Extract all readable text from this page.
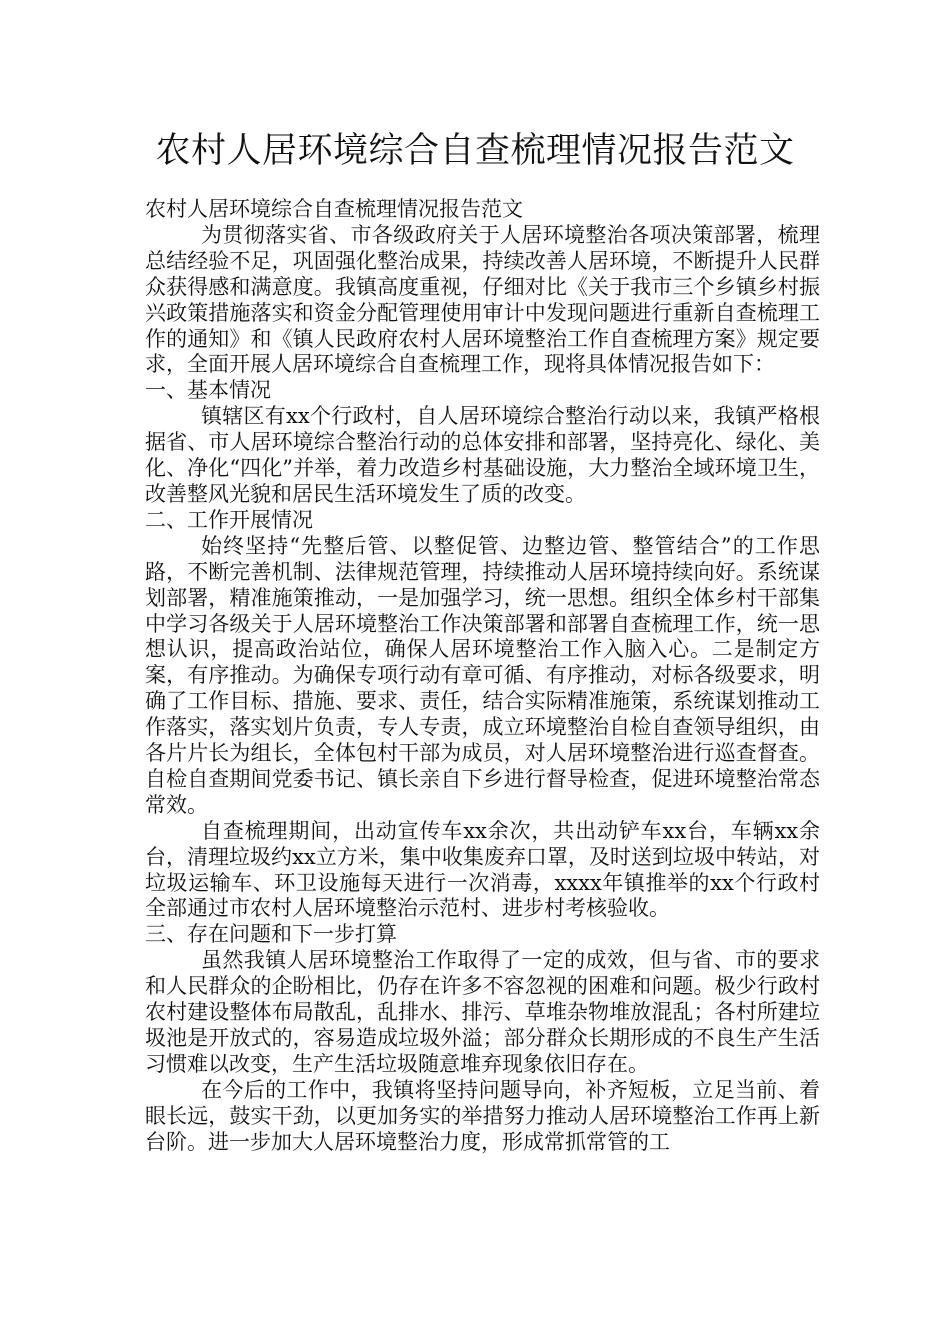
农村人居环境综合自查梳理情况报告范文

农村人居环境综合自查梳理情况报告范文

为贯彻落实省、市各级政府关于人居环境整治各项决策部署，梳理总结经验不足，巩固强化整治成果，持续改善人居环境，不断提升人民群众获得感和满意度。我镇高度重视，仔细对比《关于我市三个乡镇乡村振兴政策措施落实和资金分配管理使用审计中发现问题进行重新自查梳理工作的通知》和《镇人民政府农村人居环境整治工作自查梳理方案》规定要求，全面开展人居环境综合自查梳理工作，现将具体情况报告如下：

一、基本情况

镇辖区有xx个行政村，自人居环境综合整治行动以来，我镇严格根据省、市人居环境综合整治行动的总体安排和部署，坚持亮化、绿化、美化、净化“四化”并举，着力改造乡村基础设施，大力整治全域环境卫生，改善整风光貌和居民生活环境发生了质的改变。

二、工作开展情况

始终坚持“先整后管、以整促管、边整边管、整管结合”的工作思路，不断完善机制、法律规范管理，持续推动人居环境持续向好。系统谋划部署，精准施策推动，一是加强学习，统一思想。组织全体乡村干部集中学习各级关于人居环境整治工作决策部署和部署自查梳理工作，统一思想认识，提高政治站位，确保人居环境整治工作入脑入心。二是制定方案，有序推动。为确保专项行动有章可循、有序推动，对标各级要求，明确了工作目标、措施、要求、责任，结合实际精准施策，系统谋划推动工作落实，落实划片负责，专人专责，成立环境整治自检自查领导组织，由各片片长为组长，全体包村干部为成员，对人居环境整治进行巡查督查。自检自查期间党委书记、镇长亲自下乡进行督导检查，促进环境整治常态常效。

自查梳理期间，出动宣传车xx余次，共出动铲车xx台，车辆xx余台，清理垃圾约xx立方米，集中收集废弃口罩，及时送到垃圾中转站，对垃圾运输车、环卫设施每天进行一次消毒，xxxx年镇推举的xx个行政村全部通过市农村人居环境整治示范村、进步村考核验收。

三、存在问题和下一步打算

虽然我镇人居环境整治工作取得了一定的成效，但与省、市的要求和人民群众的企盼相比，仍存在许多不容忽视的困难和问题。极少行政村农村建设整体布局散乱，乱排水、排污、草堆杂物堆放混乱；各村所建垃圾池是开放式的，容易造成垃圾外溢；部分群众长期形成的不良生产生活习惯难以改变，生产生活垃圾随意堆弃现象依旧存在。

在今后的工作中，我镇将坚持问题导向，补齐短板，立足当前、着眼长远，鼓实干劲，以更加务实的举措努力推动人居环境整治工作再上新台阶。进一步加大人居环境整治力度，形成常抓常管的工
